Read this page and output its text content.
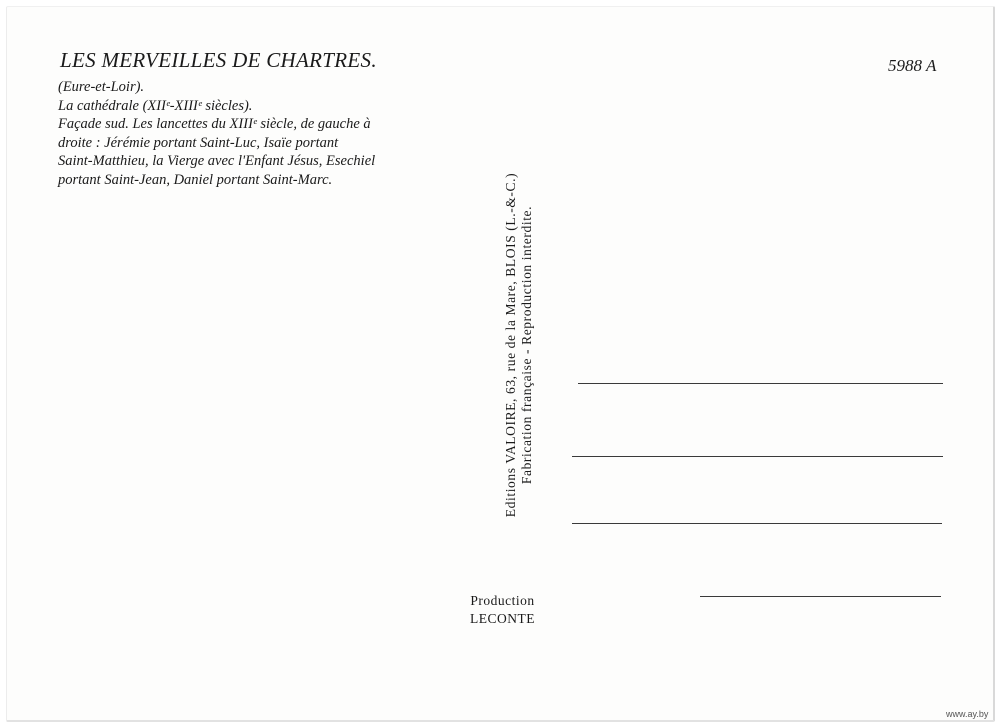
LES MERVEILLES DE CHARTRES.	5988 A
(Eure-et-Loir).
La cathédrale (XIIᵉ-XIIIᵉ siècles).
Façade sud. Les lancettes du XIIIᵉ siècle, de gauche à
droite : Jérémie portant Saint-Luc, Isaïe portant
Saint-Matthieu, la Vierge avec l'Enfant Jésus, Esechiel
portant Saint-Jean, Daniel portant Saint-Marc.	Editions VALOIRE, 63, rue de la Mare, BLOIS (L.-&-C.) Fabrication française - Reproduction interdite.
Production
LECONTE
www.ay.by
